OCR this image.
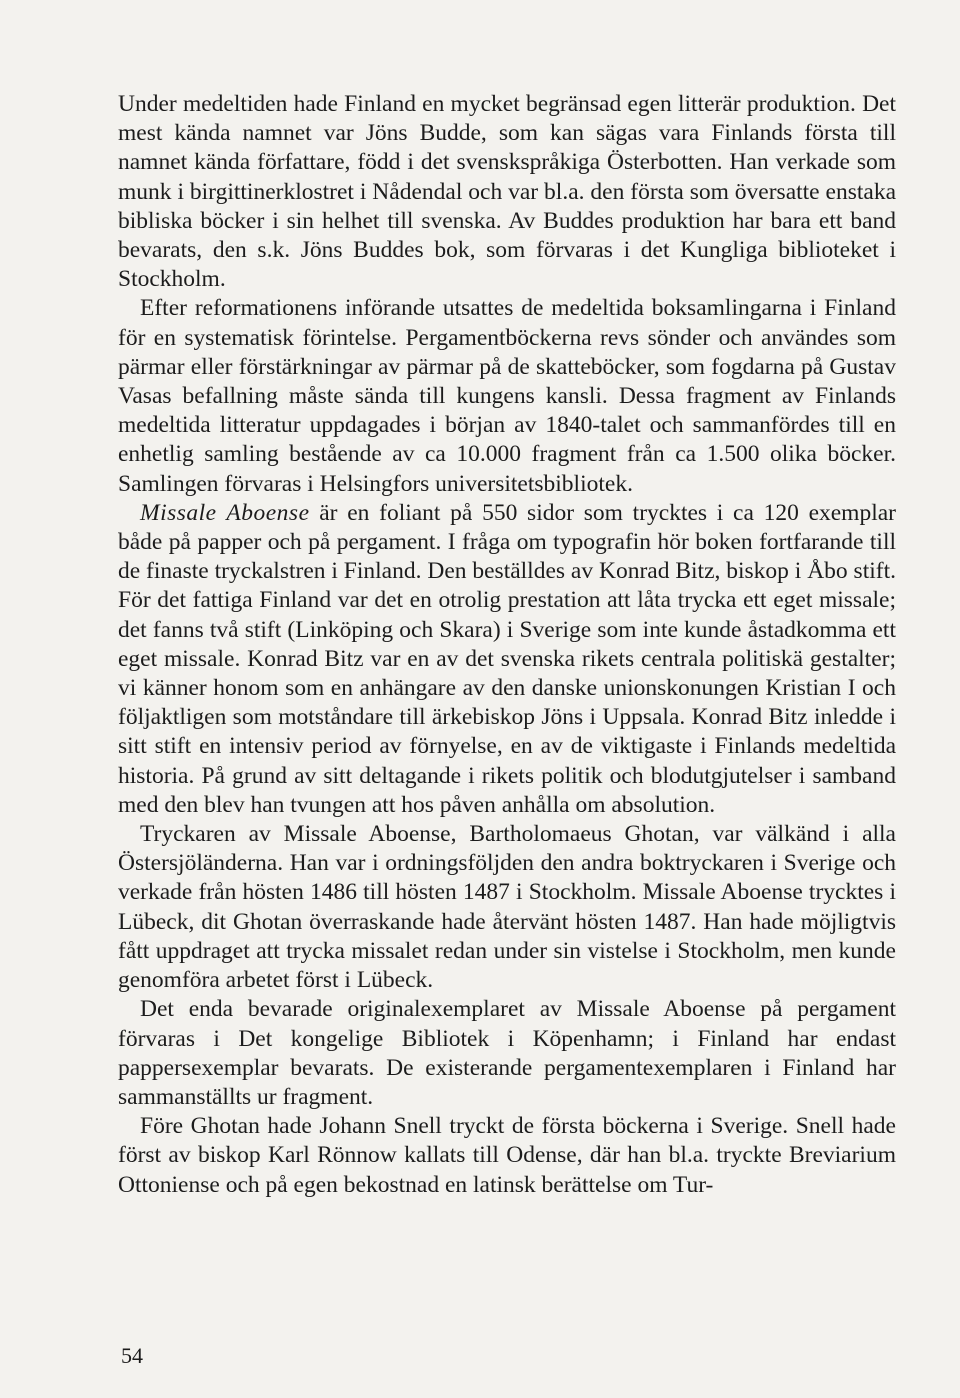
Under medeltiden hade Finland en mycket begränsad egen litterär produktion. Det mest kända namnet var Jöns Budde, som kan sägas vara Finlands första till namnet kända författare, född i det svenskspråkiga Österbotten. Han verkade som munk i birgittinerklostret i Nådendal och var bl.a. den första som översatte enstaka bibliska böcker i sin helhet till svenska. Av Buddes produktion har bara ett band bevarats, den s.k. Jöns Buddes bok, som förvaras i det Kungliga biblioteket i Stockholm.

Efter reformationens införande utsattes de medeltida boksamlingarna i Finland för en systematisk förintelse. Pergamentböckerna revs sönder och användes som pärmar eller förstärkningar av pärmar på de skatteböcker, som fogdarna på Gustav Vasas befallning måste sända till kungens kansli. Dessa fragment av Finlands medeltida litteratur uppdagades i början av 1840-talet och sammanfördes till en enhetlig samling bestående av ca 10.000 fragment från ca 1.500 olika böcker. Samlingen förvaras i Helsingfors universitetsbibliotek.

Missale Aboense är en foliant på 550 sidor som trycktes i ca 120 exemplar både på papper och på pergament. I fråga om typografin hör boken fortfarande till de finaste tryckalstren i Finland. Den beställdes av Konrad Bitz, biskop i Åbo stift. För det fattiga Finland var det en otrolig prestation att låta trycka ett eget missale; det fanns två stift (Linköping och Skara) i Sverige som inte kunde åstadkomma ett eget missale. Konrad Bitz var en av det svenska rikets centrala politiskä gestalter; vi känner honom som en anhängare av den danske unionskonungen Kristian I och följaktligen som motståndare till ärkebiskop Jöns i Uppsala. Konrad Bitz inledde i sitt stift en intensiv period av förnyelse, en av de viktigaste i Finlands medeltida historia. På grund av sitt deltagande i rikets politik och blodutgjutelser i samband med den blev han tvungen att hos påven anhålla om absolution.

Tryckaren av Missale Aboense, Bartholomaeus Ghotan, var välkänd i alla Östersjöländerna. Han var i ordningsföljden den andra boktryckaren i Sverige och verkade från hösten 1486 till hösten 1487 i Stockholm. Missale Aboense trycktes i Lübeck, dit Ghotan överraskande hade återvänt hösten 1487. Han hade möjligtvis fått uppdraget att trycka missalet redan under sin vistelse i Stockholm, men kunde genomföra arbetet först i Lübeck.

Det enda bevarade originalexemplaret av Missale Aboense på pergament förvaras i Det kongelige Bibliotek i Köpenhamn; i Finland har endast pappersexemplar bevarats. De existerande pergamentexemplaren i Finland har sammanställts ur fragment.

Före Ghotan hade Johann Snell tryckt de första böckerna i Sverige. Snell hade först av biskop Karl Rönnow kallats till Odense, där han bl.a. tryckte Breviarium Ottoniense och på egen bekostnad en latinsk berättelse om Tur-

54
